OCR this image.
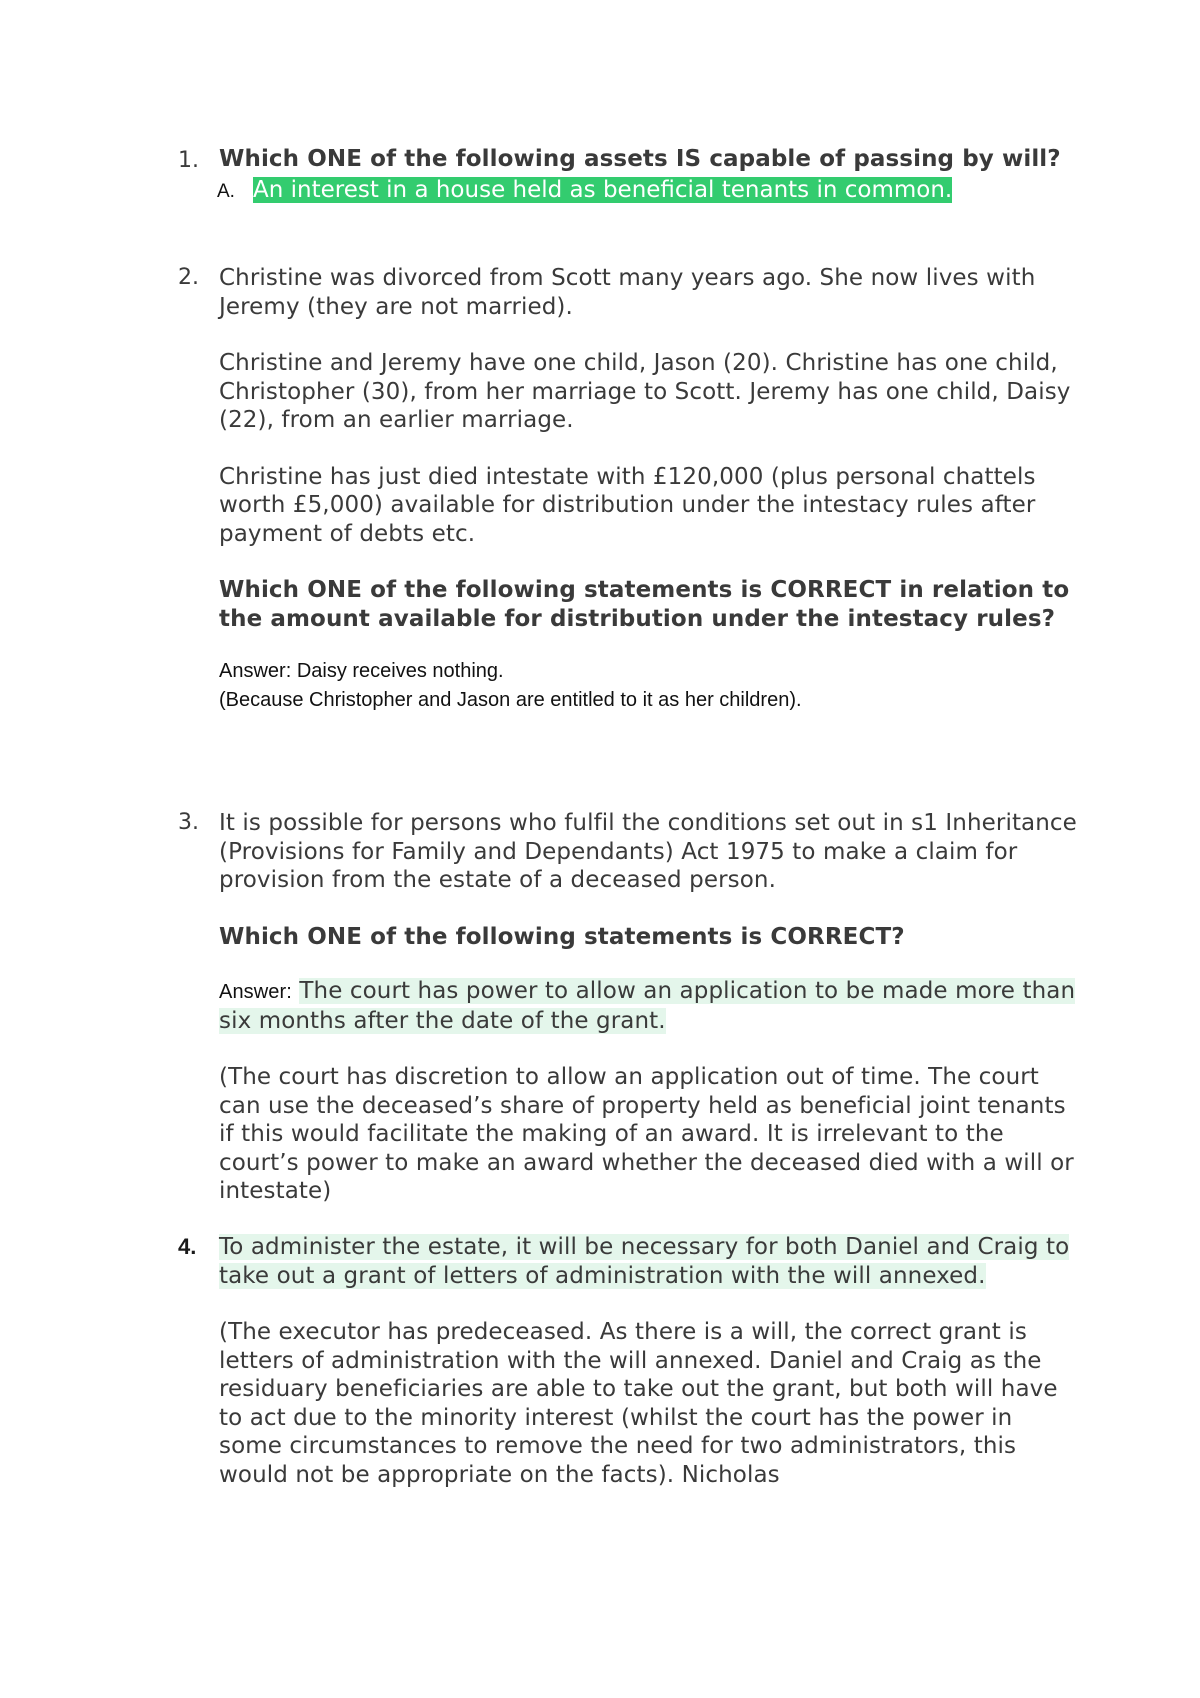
1. Which ONE of the following assets IS capable of passing by will?
A. An interest in a house held as beneficial tenants in common.
2. Christine was divorced from Scott many years ago. She now lives with Jeremy (they are not married).
Christine and Jeremy have one child, Jason (20). Christine has one child, Christopher (30), from her marriage to Scott. Jeremy has one child, Daisy (22), from an earlier marriage.
Christine has just died intestate with £120,000 (plus personal chattels worth £5,000) available for distribution under the intestacy rules after payment of debts etc.
Which ONE of the following statements is CORRECT in relation to the amount available for distribution under the intestacy rules?
Answer: Daisy receives nothing.
(Because Christopher and Jason are entitled to it as her children).
3. It is possible for persons who fulfil the conditions set out in s1 Inheritance (Provisions for Family and Dependants) Act 1975 to make a claim for provision from the estate of a deceased person.
Which ONE of the following statements is CORRECT?
Answer: The court has power to allow an application to be made more than six months after the date of the grant.
(The court has discretion to allow an application out of time. The court can use the deceased’s share of property held as beneficial joint tenants if this would facilitate the making of an award. It is irrelevant to the court’s power to make an award whether the deceased died with a will or intestate)
4. To administer the estate, it will be necessary for both Daniel and Craig to take out a grant of letters of administration with the will annexed.
(The executor has predeceased. As there is a will, the correct grant is letters of administration with the will annexed. Daniel and Craig as the residuary beneficiaries are able to take out the grant, but both will have to act due to the minority interest (whilst the court has the power in some circumstances to remove the need for two administrators, this would not be appropriate on the facts). Nicholas
